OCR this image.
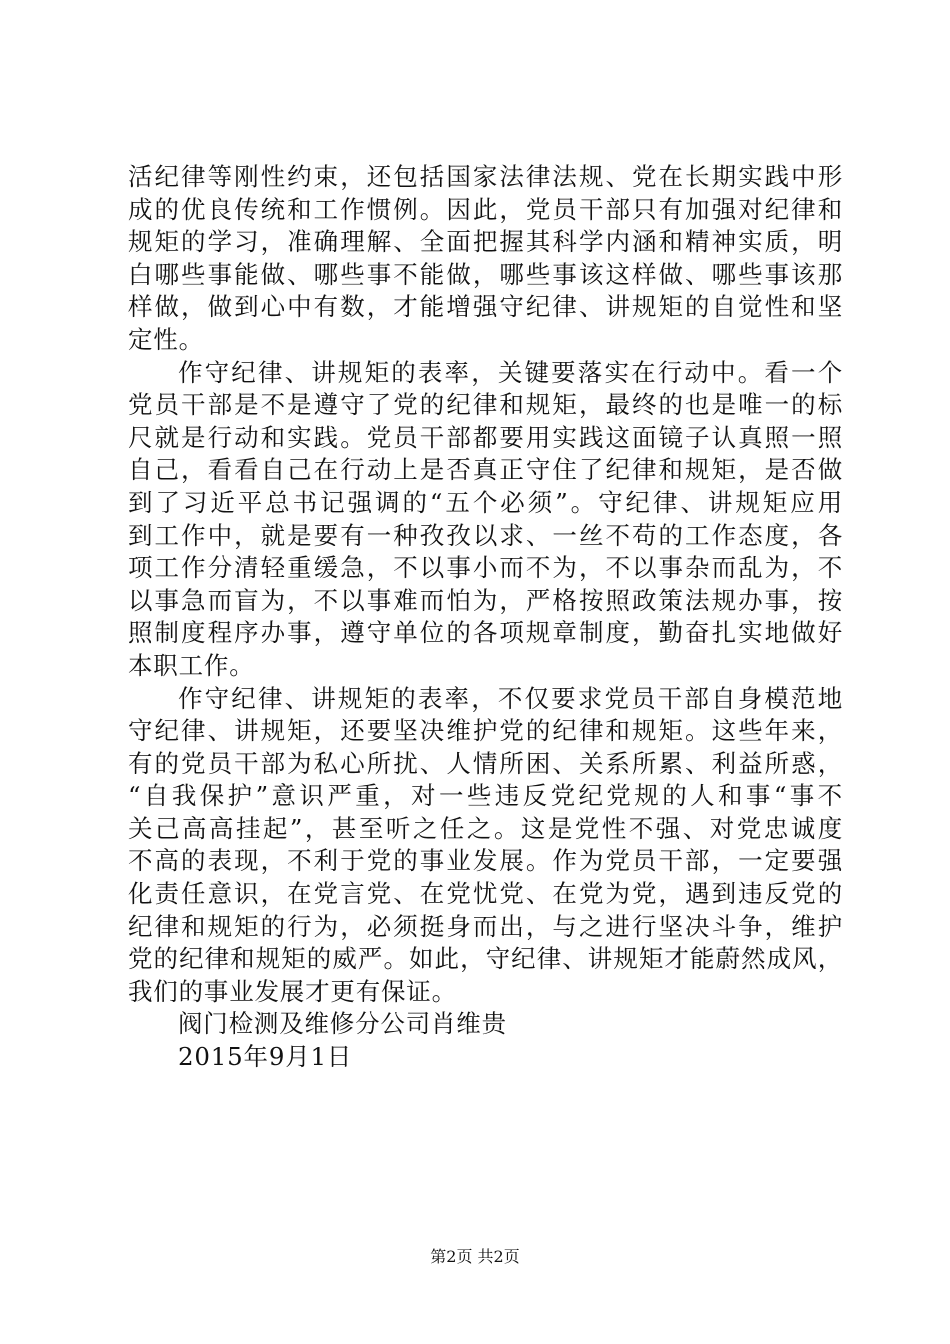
活纪律等刚性约束，还包括国家法律法规、党在长期实践中形
成的优良传统和工作惯例。因此，党员干部只有加强对纪律和
规矩的学习，准确理解、全面把握其科学内涵和精神实质，明
白哪些事能做、哪些事不能做，哪些事该这样做、哪些事该那
样做，做到心中有数，才能增强守纪律、讲规矩的自觉性和坚
定性。
作守纪律、讲规矩的表率，关键要落实在行动中。看一个
党员干部是不是遵守了党的纪律和规矩，最终的也是唯一的标
尺就是行动和实践。党员干部都要用实践这面镜子认真照一照
自己，看看自己在行动上是否真正守住了纪律和规矩，是否做
到了习近平总书记强调的“五个必须”。守纪律、讲规矩应用
到工作中，就是要有一种孜孜以求、一丝不苟的工作态度，各
项工作分清轻重缓急，不以事小而不为，不以事杂而乱为，不
以事急而盲为，不以事难而怕为，严格按照政策法规办事，按
照制度程序办事，遵守单位的各项规章制度，勤奋扎实地做好
本职工作。
作守纪律、讲规矩的表率，不仅要求党员干部自身模范地
守纪律、讲规矩，还要坚决维护党的纪律和规矩。这些年来，
有的党员干部为私心所扰、人情所困、关系所累、利益所惑，
“自我保护”意识严重，对一些违反党纪党规的人和事“事不
关己高高挂起”，甚至听之任之。这是党性不强、对党忠诚度
不高的表现，不利于党的事业发展。作为党员干部，一定要强
化责任意识，在党言党、在党忧党、在党为党，遇到违反党的
纪律和规矩的行为，必须挺身而出，与之进行坚决斗争，维护
党的纪律和规矩的威严。如此，守纪律、讲规矩才能蔚然成风，
我们的事业发展才更有保证。
阀门检测及维修分公司肖维贵
2015年9月1日
第2页 共2页
